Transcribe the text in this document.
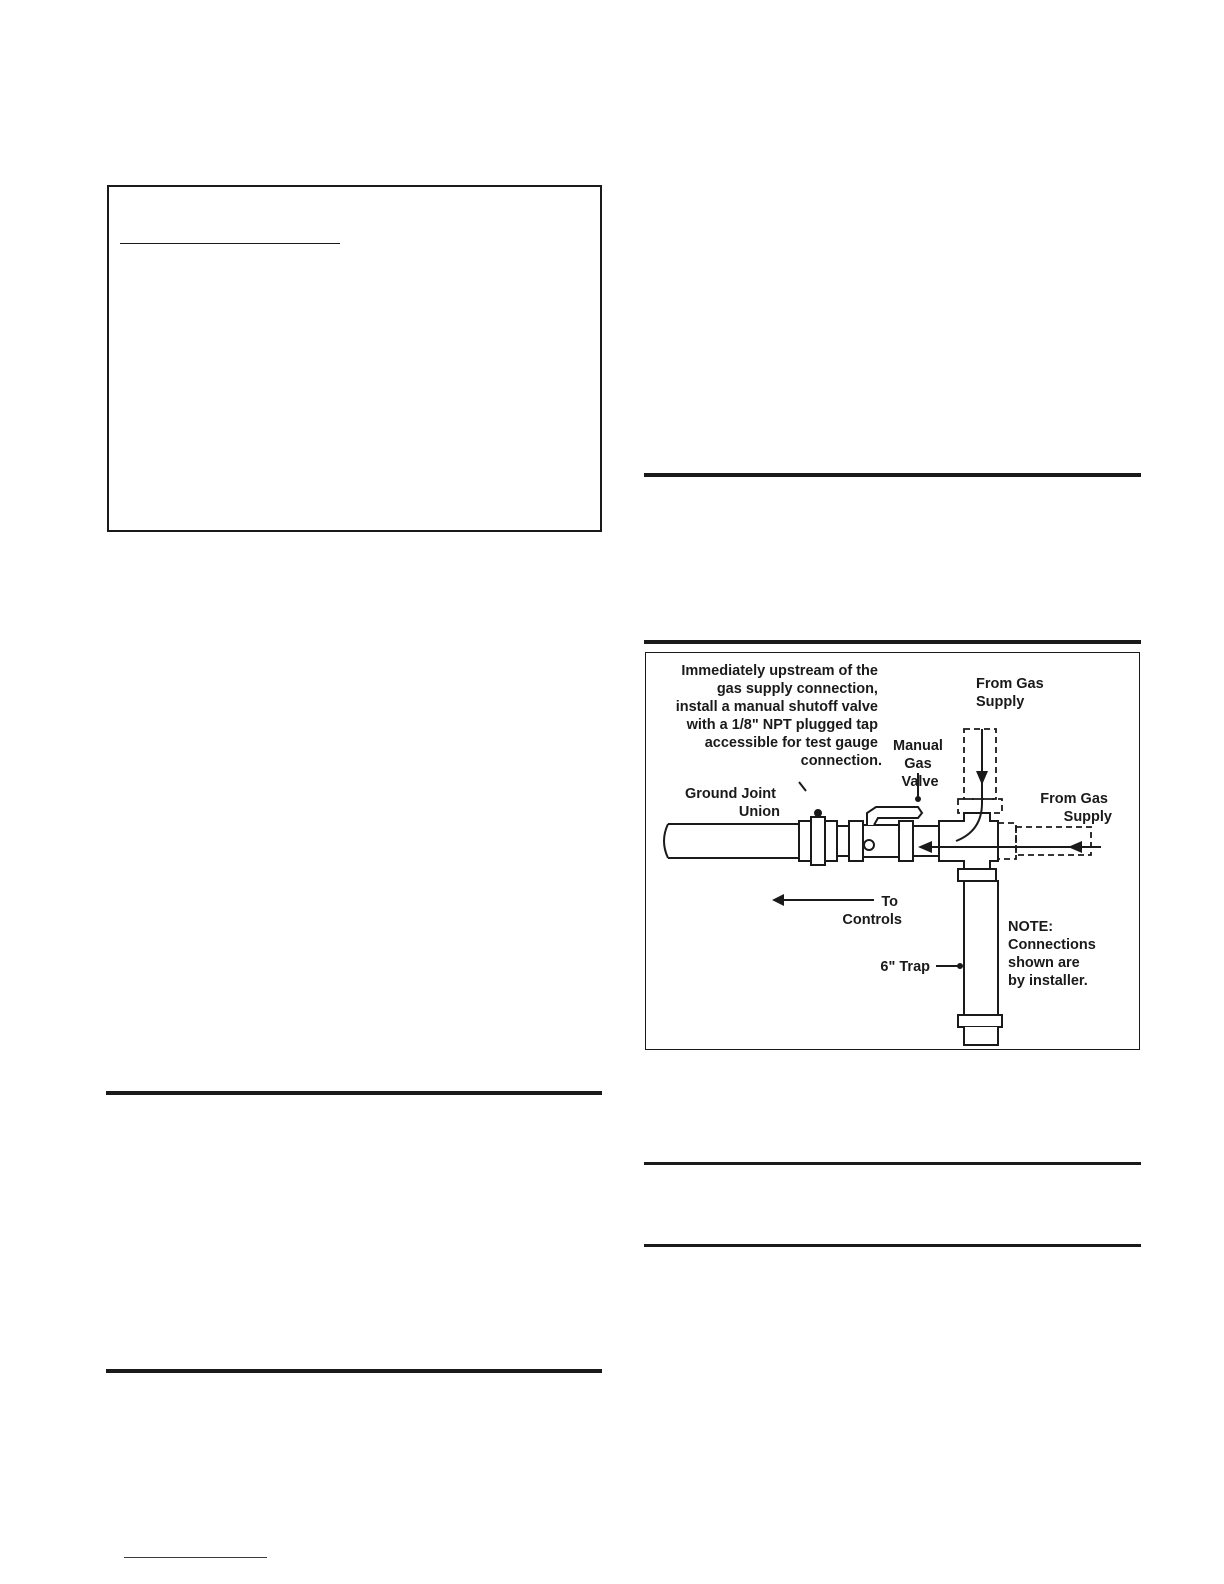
Immediately upstream of the gas supply connection, install a manual shutoff valve with a 1/8" NPT plugged tap accessible for test gauge connection.
From Gas Supply
From Gas Supply
Manual Gas Valve
Ground Joint Union
To Controls
6" Trap
NOTE: Connections shown are by installer.
